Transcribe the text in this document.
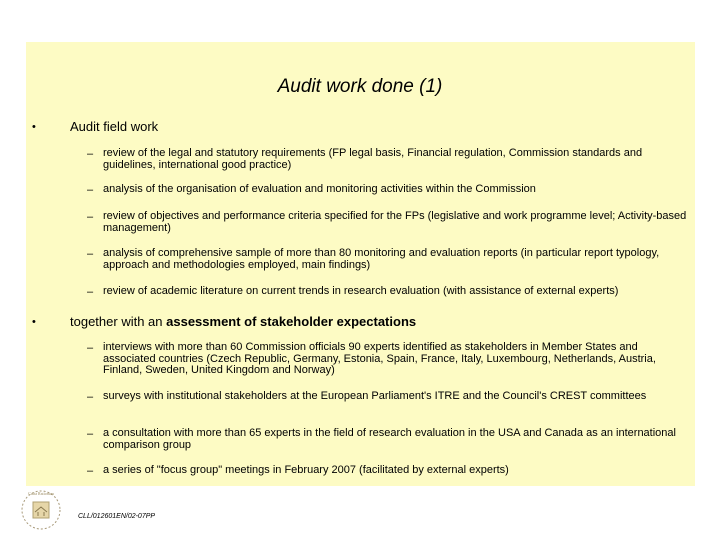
Audit work done (1)
•	Audit field work
– review of the legal and statutory requirements (FP legal basis, Financial regulation, Commission standards and guidelines, international good practice)
– analysis of the organisation of evaluation and monitoring activities within the Commission
– review of objectives and performance criteria specified for the FPs (legislative and work programme level; Activity-based management)
– analysis of comprehensive sample of more than 80 monitoring and evaluation reports (in particular report typology, approach and methodologies employed, main findings)
– review of academic literature on current trends in research evaluation (with assistance of external experts)
•	together with an assessment of stakeholder expectations
– interviews with more than 60 Commission officials 90 experts identified as stakeholders in Member States and associated countries (Czech Republic, Germany, Estonia, Spain, France, Italy, Luxembourg, Netherlands, Austria, Finland, Sweden, United Kingdom and Norway)
– surveys with institutional stakeholders at the European Parliament's ITRE and the Council's CREST committees
– a consultation with more than 65 experts in the field of research evaluation in the USA and Canada as an international comparison group
– a series of "focus group" meetings in February 2007 (facilitated by external experts)
Curia Rationum
CLL/012601EN/02-07PP
